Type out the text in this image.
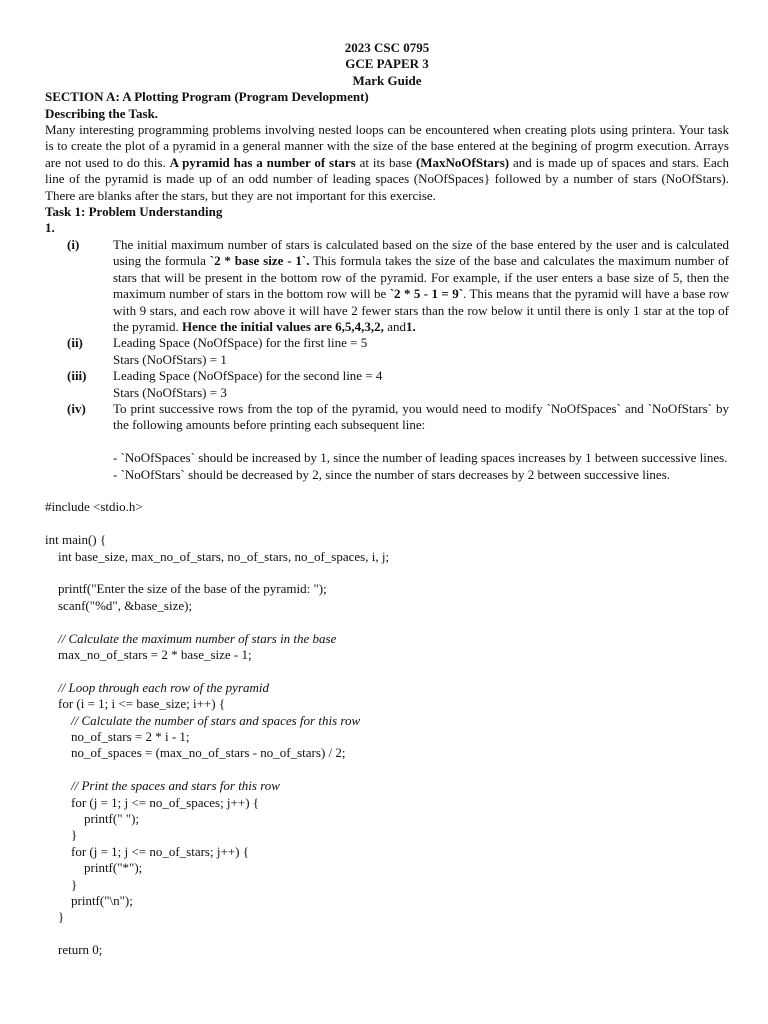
2023 CSC 0795
GCE PAPER 3
Mark Guide
SECTION A: A Plotting Program (Program Development)
Describing the Task.
Many interesting programming problems involving nested loops can be encountered when creating plots using printera. Your task is to create the plot of a pyramid in a general manner with the size of the base entered at the begining of progrm execution. Arrays are not used to do this. A pyramid has a number of stars at its base (MaxNoOfStars) and is made up of spaces and stars. Each line of the pyramid is made up of an odd number of leading spaces (NoOfSpaces} followed by a number of stars (NoOfStars). There are blanks after the stars, but they are not important for this exercise.
Task 1: Problem Understanding
1.
(i)	The initial maximum number of stars is calculated based on the size of the base entered by the user and is calculated using the formula `2 * base size - 1`. This formula takes the size of the base and calculates the maximum number of stars that will be present in the bottom row of the pyramid. For example, if the user enters a base size of 5, then the maximum number of stars in the bottom row will be `2 * 5 - 1 = 9`. This means that the pyramid will have a base row with 9 stars, and each row above it will have 2 fewer stars than the row below it until there is only 1 star at the top of the pyramid. Hence the initial values are 6,5,4,3,2, and1.
(ii) Leading Space (NoOfSpace) for the first line = 5
Stars (NoOfStars) = 1
(iii) Leading Space (NoOfSpace) for the second line = 4
Stars (NoOfStars) = 3
(iv) To print successive rows from the top of the pyramid, you would need to modify `NoOfSpaces` and `NoOfStars` by the following amounts before printing each subsequent line:
- `NoOfSpaces` should be increased by 1, since the number of leading spaces increases by 1 between successive lines.
- `NoOfStars` should be decreased by 2, since the number of stars decreases by 2 between successive lines.
#include <stdio.h>
int main() {
int base_size, max_no_of_stars, no_of_stars, no_of_spaces, i, j;
printf("Enter the size of the base of the pyramid: ");
scanf("%d", &base_size);
// Calculate the maximum number of stars in the base
max_no_of_stars = 2 * base_size - 1;
// Loop through each row of the pyramid
for (i = 1; i <= base_size; i++) {
// Calculate the number of stars and spaces for this row
no_of_stars = 2 * i - 1;
no_of_spaces = (max_no_of_stars - no_of_stars) / 2;
// Print the spaces and stars for this row
for (j = 1; j <= no_of_spaces; j++) {
printf(" ");
}
for (j = 1; j <= no_of_stars; j++) {
printf("*");
}
printf("\n");
}
return 0;
